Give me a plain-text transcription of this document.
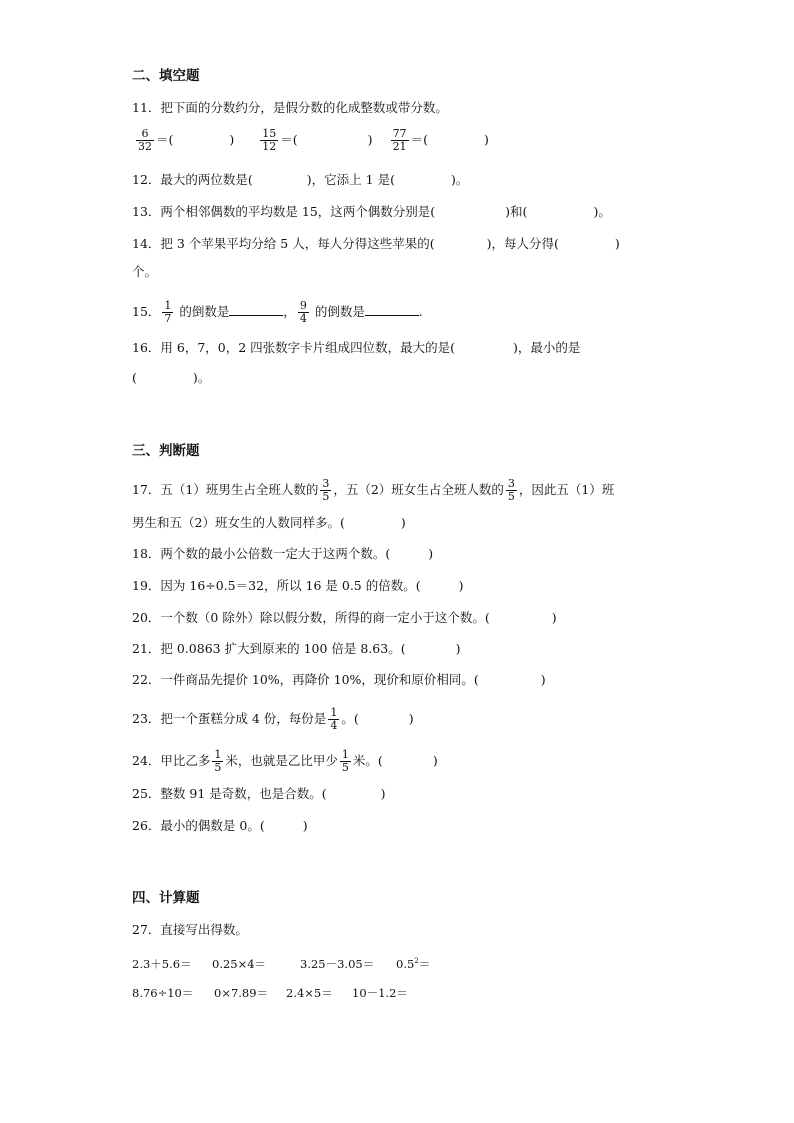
二、填空题
11．把下面的分数约分，是假分数的化成整数或带分数。
$\frac{6}{32}$ ＝(	) $\frac{15}{12}$ ＝(	) $\frac{77}{21}$ ＝(	)
12．最大的两位数是(	)，它添上 1 是(	)。
13．两个相邻偶数的平均数是 15，这两个偶数分别是(	)和(	)。
14．把 3 个苹果平均分给 5 人，每人分得这些苹果的(	)，每人分得(	)
个。
15． $\frac{1}{7}$ 的倒数是	， $\frac{9}{4}$ 的倒数是	.
16．用 6，7，0，2 四张数字卡片组成四位数，最大的是(	)，最小的是
(	)。
三、判断题
17．五（1）班男生占全班人数的 $\frac{3}{5}$ ，五（2）班女生占全班人数的 $\frac{3}{5}$ ，因此五（1）班
男生和五（2）班女生的人数同样多。(	)
18．两个数的最小公倍数一定大于这两个数。(	)
19．因为 16÷0.5＝32，所以 16 是 0.5 的倍数。(	)
20．一个数（0 除外）除以假分数，所得的商一定小于这个数。(	)
21．把 0.0863 扩大到原来的 100 倍是 8.63。(	)
22．一件商品先提价 10%，再降价 10%，现价和原价相同。(	)
23．把一个蛋糕分成 4 份，每份是 $\frac{1}{4}$ 。(	)
24．甲比乙多 $\frac{1}{5}$ 米，也就是乙比甲少 $\frac{1}{5}$ 米。(	)
25．整数 91 是奇数，也是合数。(	)
26．最小的偶数是 0。(	)
四、计算题
27．直接写出得数。
2.3＋5.6＝ 0.25×4＝	$3.25-3.05= 0.5^2=$
8.76÷10＝ 0×7.89＝ 2.4×5＝ 10－1.2＝
